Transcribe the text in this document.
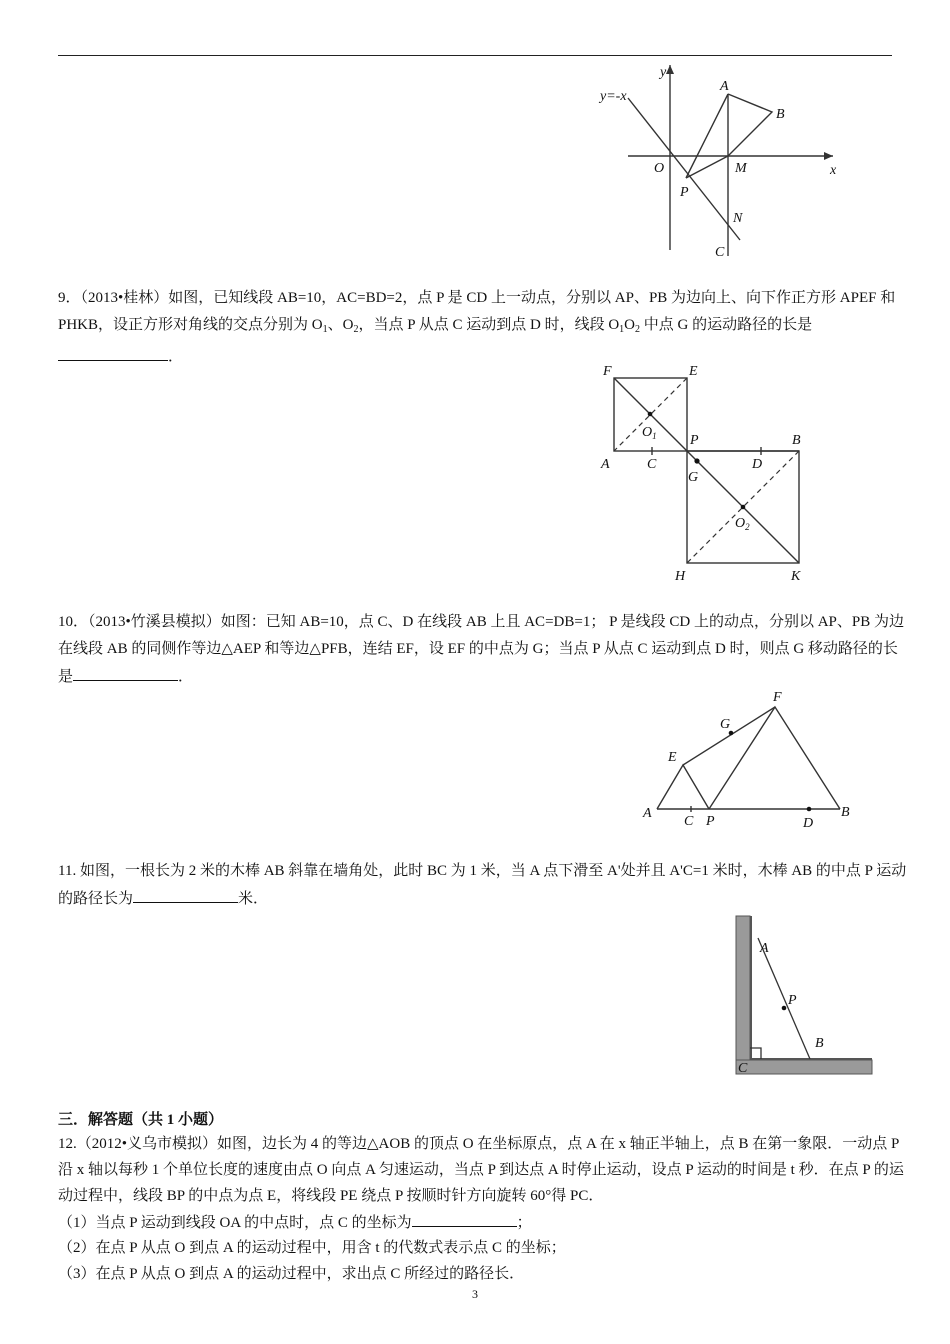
y
y=-x
A
B
O	M	x
P
N
C

9．（2013•桂林）如图，已知线段 AB=10，AC=BD=2，点 P 是 CD 上一动点，分别以 AP、PB 为边向上、向下作正方形 APEF 和 PHKB，设正方形对角线的交点分别为 $O_1$、$O_2$，当点 P 从点 C 运动到点 D 时，线段 $O_1O_2$ 中点 G 的运动路径的长是．

F	E
$O_1$ P	B
A	C
G
D
$O_2$
H	K

10．（2013•竹溪县模拟）如图：已知 AB=10，点 C、D 在线段 AB 上且 AC=DB=1； P 是线段 CD 上的动点，分别以 AP、PB 为边在线段 AB 的同侧作等边△AEP 和等边△PFB，连结 EF，设 EF 的中点为 G；当点 P 从点 C 运动到点 D 时，则点 G 移动路径的长是	．

F
G
E
A
C P	D
B

11. 如图，一根长为 2 米的木棒 AB 斜靠在墙角处，此时 BC 为 1 米，当 A 点下滑至 A'处并且 A'C=1 米时，木棒 AB 的中点 P 运动的路径长为	米．

A
P
B
C

三．解答题（共 1 小题）

12.（2012•义乌市模拟）如图，边长为 4 的等边△AOB 的顶点 O 在坐标原点，点 A 在 x 轴正半轴上，点 B 在第一象限．一动点 P 沿 x 轴以每秒 1 个单位长度的速度由点 O 向点 A 匀速运动，当点 P 到达点 A 时停止运动，设点 P 运动的时间是 t 秒．在点 P 的运动过程中，线段 BP 的中点为点 E，将线段 PE 绕点 P 按顺时针方向旋转 60°得 PC．

（1）当点 P 运动到线段 OA 的中点时，点 C 的坐标为	；

（2）在点 P 从点 O 到点 A 的运动过程中，用含 t 的代数式表示点 C 的坐标；

（3）在点 P 从点 O 到点 A 的运动过程中，求出点 C 所经过的路径长．

3
